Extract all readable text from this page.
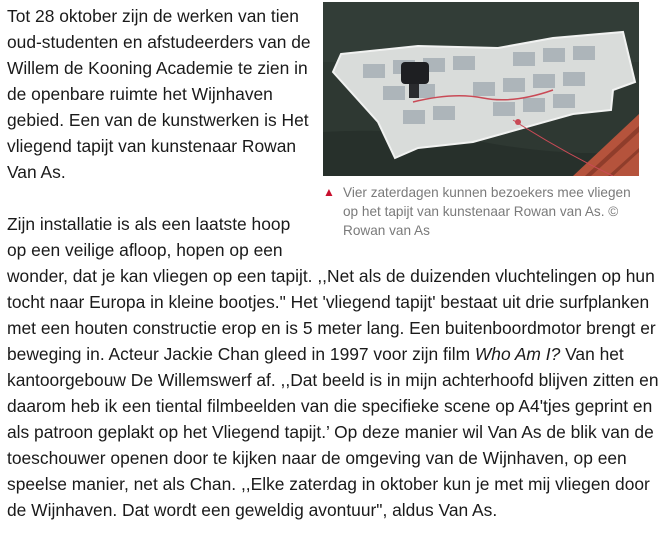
Tot 28 oktober zijn de werken van tien oud-studenten en afstudeerders van de Willem de Kooning Academie te zien in de openbare ruimte het Wijnhaven gebied. Een van de kunstwerken is Het vliegend tapijt van kunstenaar Rowan Van As.

▲ Vier zaterdagen kunnen bezoekers mee vliegen op het tapijt van kunstenaar Rowan van As. © Rowan van As
Zijn installatie is als een laatste hoop
op een veilige afloop, hopen op een

wonder, dat je kan vliegen op een tapijt. ,,Net als de duizenden vluchtelingen op hun tocht naar Europa in kleine bootjes." Het 'vliegend tapijt' bestaat uit drie surfplanken met een houten constructie erop en is 5 meter lang. Een buitenboordmotor brengt er beweging in. Acteur Jackie Chan gleed in 1997 voor zijn film Who Am I? Van het kantoorgebouw De Willemswerf af. ,,Dat beeld is in mijn achterhoofd blijven zitten en daarom heb ik een tiental filmbeelden van die specifieke scene op A4'tjes geprint en als patroon geplakt op het Vliegend tapijt.’ Op deze manier wil Van As de blik van de toeschouwer openen door te kijken naar de omgeving van de Wijnhaven, op een speelse manier, net als Chan. ,,Elke zaterdag in oktober kun je met mij vliegen door de Wijnhaven. Dat wordt een geweldig avontuur", aldus Van As.
